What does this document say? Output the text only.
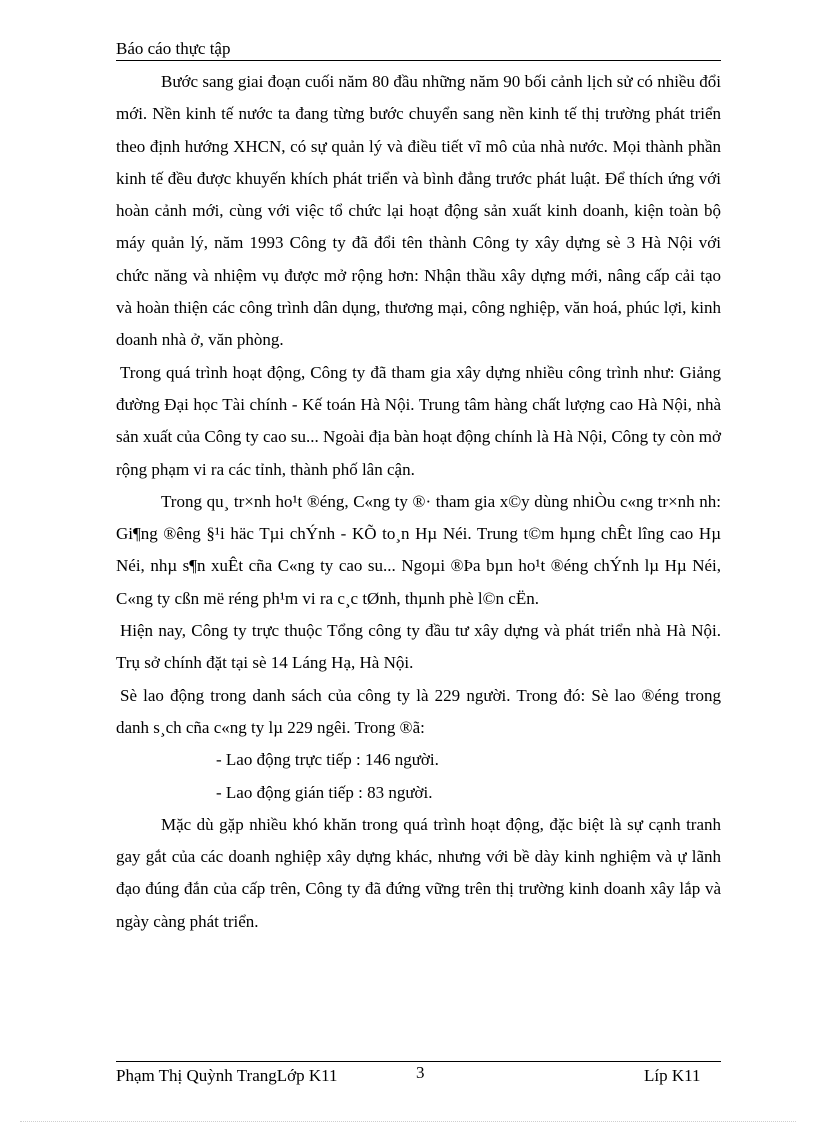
Báo cáo thực tập

Bước sang giai đoạn cuối năm 80 đầu những năm 90 bối cảnh lịch sử có nhiều đổi mới. Nền kinh tế nước ta đang từng bước chuyển sang nền kinh tế thị trường phát triển theo định hướng XHCN, có sự quản lý và điều tiết vĩ mô của nhà nước. Mọi thành phần kinh tế đều được khuyến khích phát triển và bình đẳng trước phát luật. Để thích ứng với hoàn cảnh mới, cùng với việc tổ chức lại hoạt động sản xuất kinh doanh, kiện toàn bộ máy quản lý, năm 1993 Công ty đã đổi tên thành Công ty xây dựng sè 3 Hà Nội với chức năng và nhiệm vụ được mở rộng hơn: Nhận thầu xây dựng mới, nâng cấp cải tạo và hoàn thiện các công trình dân dụng, thương mại, công nghiệp, văn hoá, phúc lợi, kinh doanh nhà ở, văn phòng.

Trong quá trình hoạt động, Công ty đã tham gia xây dựng nhiều công trình như: Giảng đường Đại học Tài chính - Kế toán Hà Nội. Trung tâm hàng chất lượng cao Hà Nội, nhà sản xuất của Công ty cao su... Ngoài địa bàn hoạt động chính là Hà Nội, Công ty còn mở rộng phạm vi ra các tỉnh, thành phố lân cận.

Trong qu¸ tr×nh ho¹t ®éng, C«ng ty ®· tham gia x©y dùng nhiÒu c«ng tr×nh nh: Gi¶ng ®êng §¹i häc Tµi chÝnh - KÕ to¸n Hµ Néi. Trung t©m hµng chÊt lîng cao Hµ Néi, nhµ s¶n xuÊt cña C«ng ty cao su... Ngoµi ®Þa bµn ho¹t ®éng chÝnh lµ Hµ Néi, C«ng ty cßn më réng ph¹m vi ra c¸c tØnh, thµnh phè l©n cËn.

Hiện nay, Công ty trực thuộc Tổng công ty đầu tư xây dựng và phát triển nhà Hà Nội. Trụ sở chính đặt tại sè 14 Láng Hạ, Hà Nội.

Sè lao động trong danh sách của công ty là 229 người. Trong đó: Sè lao ®éng trong danh s¸ch cña c«ng ty lµ 229 ngêi. Trong ®ã:

- Lao động trực tiếp : 146 người.

- Lao động gián tiếp : 83 người.

Mặc dù gặp nhiều khó khăn trong quá trình hoạt động, đặc biệt là sự cạnh tranh gay gắt của các doanh nghiệp xây dựng khác, nhưng với bề dày kinh nghiệm và ự lãnh đạo đúng đắn của cấp trên, Công ty đã đứng vững trên thị trường kinh doanh xây lắp và ngày càng phát triển.

Phạm Thị Quỳnh TrangLớp K11	3	Líp K11
